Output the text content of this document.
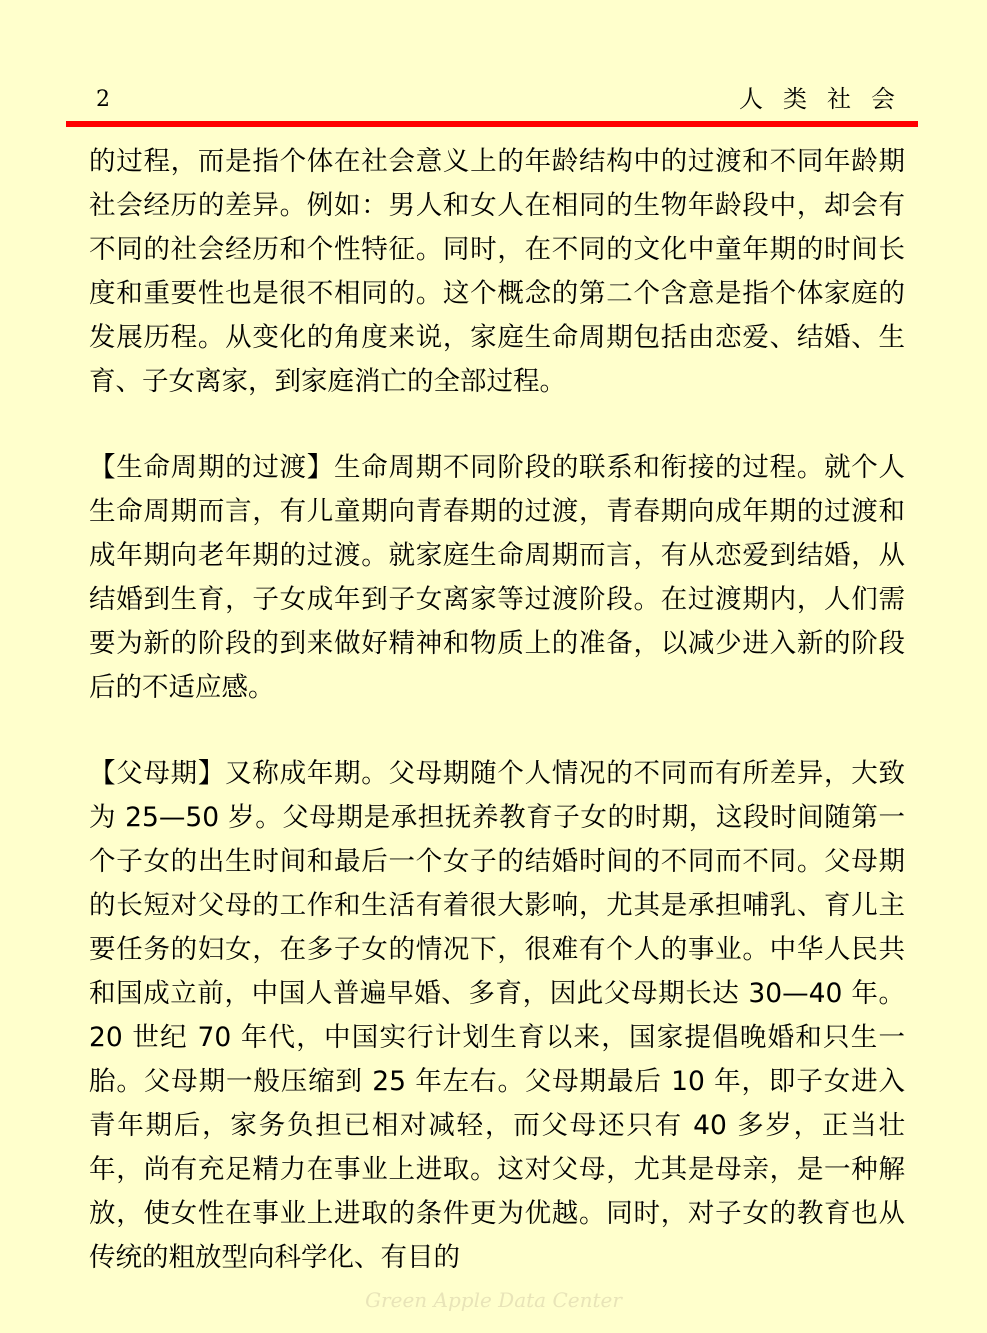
2	人类社会

的过程，而是指个体在社会意义上的年龄结构中的过渡和不同年龄期社会经历的差异。例如：男人和女人在相同的生物年龄段中，却会有不同的社会经历和个性特征。同时，在不同的文化中童年期的时间长度和重要性也是很不相同的。这个概念的第二个含意是指个体家庭的发展历程。从变化的角度来说，家庭生命周期包括由恋爱、结婚、生育、子女离家，到家庭消亡的全部过程。

【生命周期的过渡】生命周期不同阶段的联系和衔接的过程。就个人生命周期而言，有儿童期向青春期的过渡，青春期向成年期的过渡和成年期向老年期的过渡。就家庭生命周期而言，有从恋爱到结婚，从结婚到生育，子女成年到子女离家等过渡阶段。在过渡期内，人们需要为新的阶段的到来做好精神和物质上的准备，以减少进入新的阶段后的不适应感。

【父母期】又称成年期。父母期随个人情况的不同而有所差异，大致为 25—50 岁。父母期是承担抚养教育子女的时期，这段时间随第一个子女的出生时间和最后一个女子的结婚时间的不同而不同。父母期的长短对父母的工作和生活有着很大影响，尤其是承担哺乳、育儿主要任务的妇女，在多子女的情况下，很难有个人的事业。中华人民共和国成立前，中国人普遍早婚、多育，因此父母期长达 30—40 年。20 世纪 70 年代，中国实行计划生育以来，国家提倡晚婚和只生一胎。父母期一般压缩到 25 年左右。父母期最后 10 年，即子女进入青年期后，家务负担已相对减轻，而父母还只有 40 多岁，正当壮年，尚有充足精力在事业上进取。这对父母，尤其是母亲，是一种解放，使女性在事业上进取的条件更为优越。同时，对子女的教育也从传统的粗放型向科学化、有目的

Green Apple Data Center
